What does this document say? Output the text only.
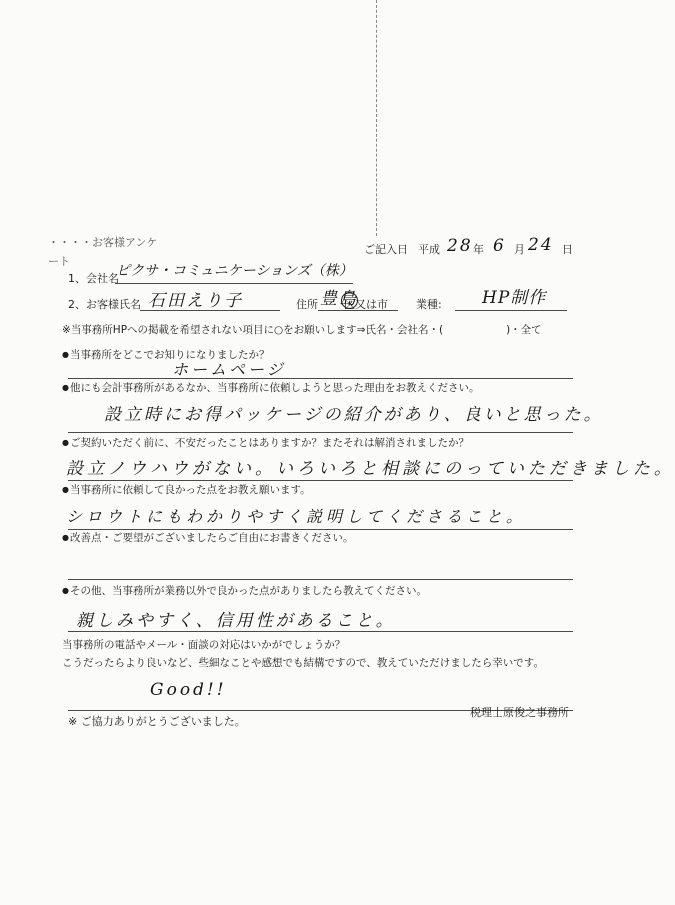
$^{・・・・お客様アンケート}$
ご記入日 平成 28 年 6 月 24 日
1、会社名
ピクサ・コミュニケーションズ（株）
2、お客様氏名 石田えり子	住所 豊島
区又は市	業種: HP制作
※当事務所HPへの掲載を希望されない項目に○をお願いします⇒氏名・会社名・(　　　　　　)・全て
● 当事務所をどこでお知りになりましたか？
ホームページ
● 他にも会計事務所があるなか、当事務所に依頼しようと思った理由をお教えください。
設立時にお得パッケージの紹介があり、良いと思った。
● ご契約いただく前に、不安だったことはありますか？またそれは解消されましたか？
設立ノウハウがない。いろいろと相談にのっていただきました。
● 当事務所に依頼して良かった点をお教え願います。
シロウトにもわかりやすく説明してくださること。
● 改善点・ご要望がございましたらご自由にお書きください。
● その他、当事務所が業務以外で良かった点がありましたら教えてください。
親しみやすく、信用性があること。
当事務所の電話やメール・面談の対応はいかがでしょうか？
こうだったらより良いなど、些細なことや感想でも結構ですので、教えていただけましたら幸いです。
Good!!
※ ご協力ありがとうございました。
税理士原俊之事務所
